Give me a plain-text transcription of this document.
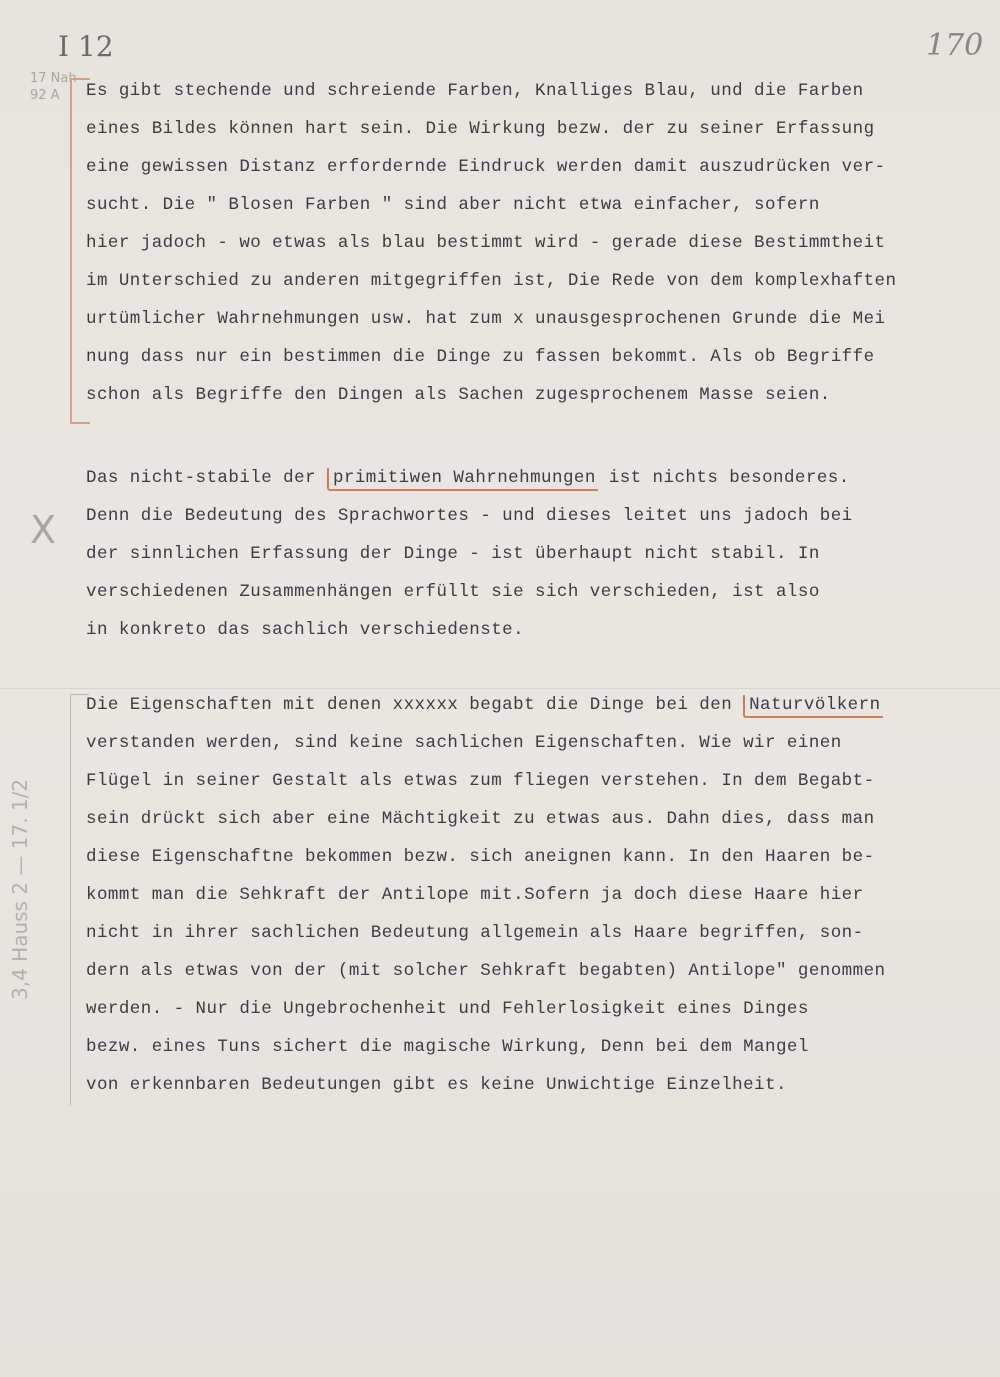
I 12	170
17 Nah 92 A
X
3,4 Hauss 2 — 17. 1/2
Es gibt stechende und schreiende Farben, Knalliges Blau, und die Farben
eines Bildes können hart sein. Die Wirkung bezw. der zu seiner Erfassung
eine gewissen Distanz erfordernde Eindruck werden damit auszudrücken ver-
sucht. Die " Blosen Farben " sind aber nicht etwa einfacher, sofern
hier jadoch - wo etwas als blau bestimmt wird - gerade diese Bestimmtheit
im Unterschied zu anderen mitgegriffen ist, Die Rede von dem komplexhaften
urtümlicher Wahrnehmungen usw. hat zum x unausgesprochenen Grunde die Mei
nung dass nur ein bestimmen die Dinge zu fassen bekommt. Als ob Begriffe
schon als Begriffe den Dingen als Sachen zugesprochenem Masse seien.
Das nicht-stabile der primitiwen Wahrnehmungen ist nichts besonderes.
Denn die Bedeutung des Sprachwortes - und dieses leitet uns jadoch bei
der sinnlichen Erfassung der Dinge - ist überhaupt nicht stabil. In
verschiedenen Zusammenhängen erfüllt sie sich verschieden, ist also
in konkreto das sachlich verschiedenste.
Die Eigenschaften mit denen xxxxxx begabt die Dinge bei den Naturvölkern
verstanden werden, sind keine sachlichen Eigenschaften. Wie wir einen
Flügel in seiner Gestalt als etwas zum fliegen verstehen. In dem Begabt-
sein drückt sich aber eine Mächtigkeit zu etwas aus. Dahn dies, dass man
diese Eigenschaftne bekommen bezw. sich aneignen kann. In den Haaren be-
kommt man die Sehkraft der Antilope mit.Sofern ja doch diese Haare hier
nicht in ihrer sachlichen Bedeutung allgemein als Haare begriffen, son-
dern als etwas von der (mit solcher Sehkraft begabten) Antilope" genommen
werden. - Nur die Ungebrochenheit und Fehlerlosigkeit eines Dinges
bezw. eines Tuns sichert die magische Wirkung, Denn bei dem Mangel
von erkennbaren Bedeutungen gibt es keine Unwichtige Einzelheit.
